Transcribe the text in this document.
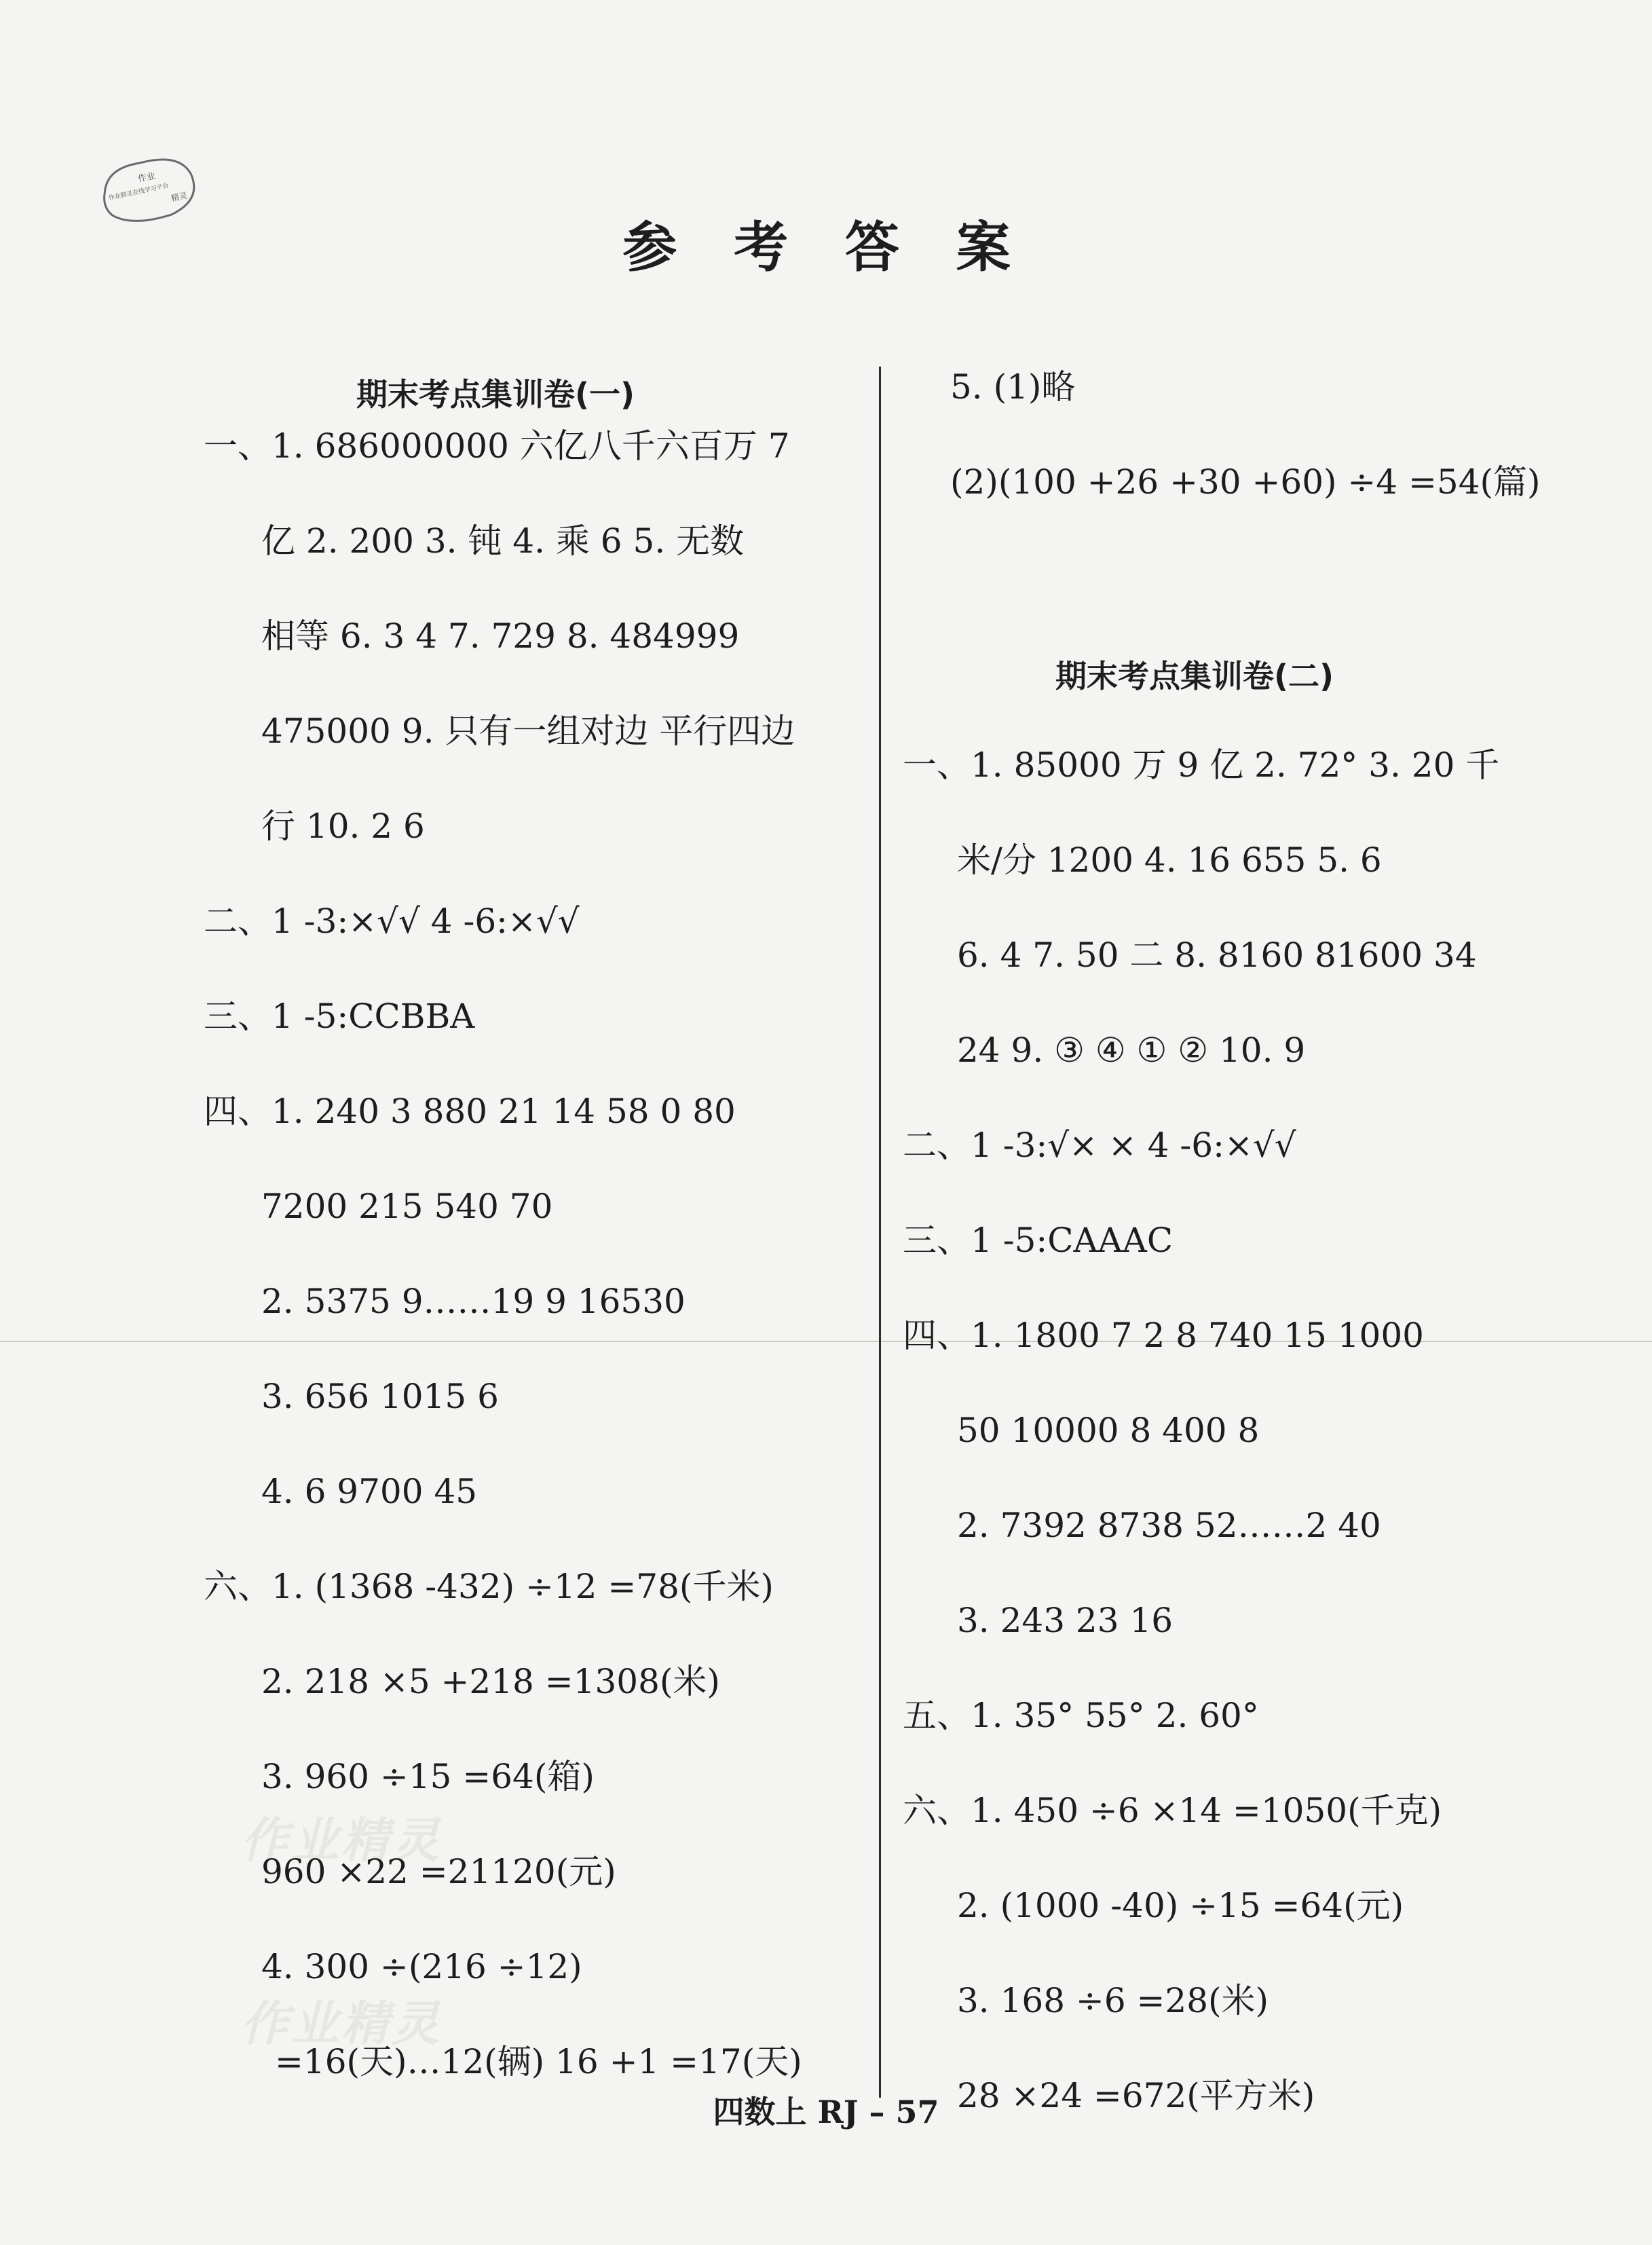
作业
作业精灵在线学习平台 精灵
参 考 答 案
作业精灵
作业精灵
期末考点集训卷(一)
一、1. 686000000 六亿八千六百万 7
亿 2. 200 3. 钝 4. 乘 6 5. 无数
相等 6. 3 4 7. 729 8. 484999
475000 9. 只有一组对边 平行四边
行 10. 2 6
二、1 -3:×√√ 4 -6:×√√
三、1 -5:CCBBA
四、1. 240 3 880 21 14 58 0 80
7200 215 540 70
2. 5375 9……19 9 16530
3. 656 1015 6
4. 6 9700 45
六、1. (1368 -432) ÷12 =78(千米)
2. 218 ×5 +218 =1308(米)
3. 960 ÷15 =64(箱)
960 ×22 =21120(元)
4. 300 ÷(216 ÷12)
=16(天)…12(辆) 16 +1 =17(天)
5. (1)略
(2)(100 +26 +30 +60) ÷4 =54(篇)
期末考点集训卷(二)
一、1. 85000 万 9 亿 2. 72° 3. 20 千
米/分 1200 4. 16 655 5. 6
6. 4 7. 50 二 8. 8160 81600 34
24 9. ③ ④ ① ② 10. 9
二、1 -3:√× × 4 -6:×√√
三、1 -5:CAAAC
四、1. 1800 7 2 8 740 15 1000
50 10000 8 400 8
2. 7392 8738 52……2 40
3. 243 23 16
五、1. 35° 55° 2. 60°
六、1. 450 ÷6 ×14 =1050(千克)
2. (1000 -40) ÷15 =64(元)
3. 168 ÷6 =28(米)
28 ×24 =672(平方米)
四数上 RJ – 57
